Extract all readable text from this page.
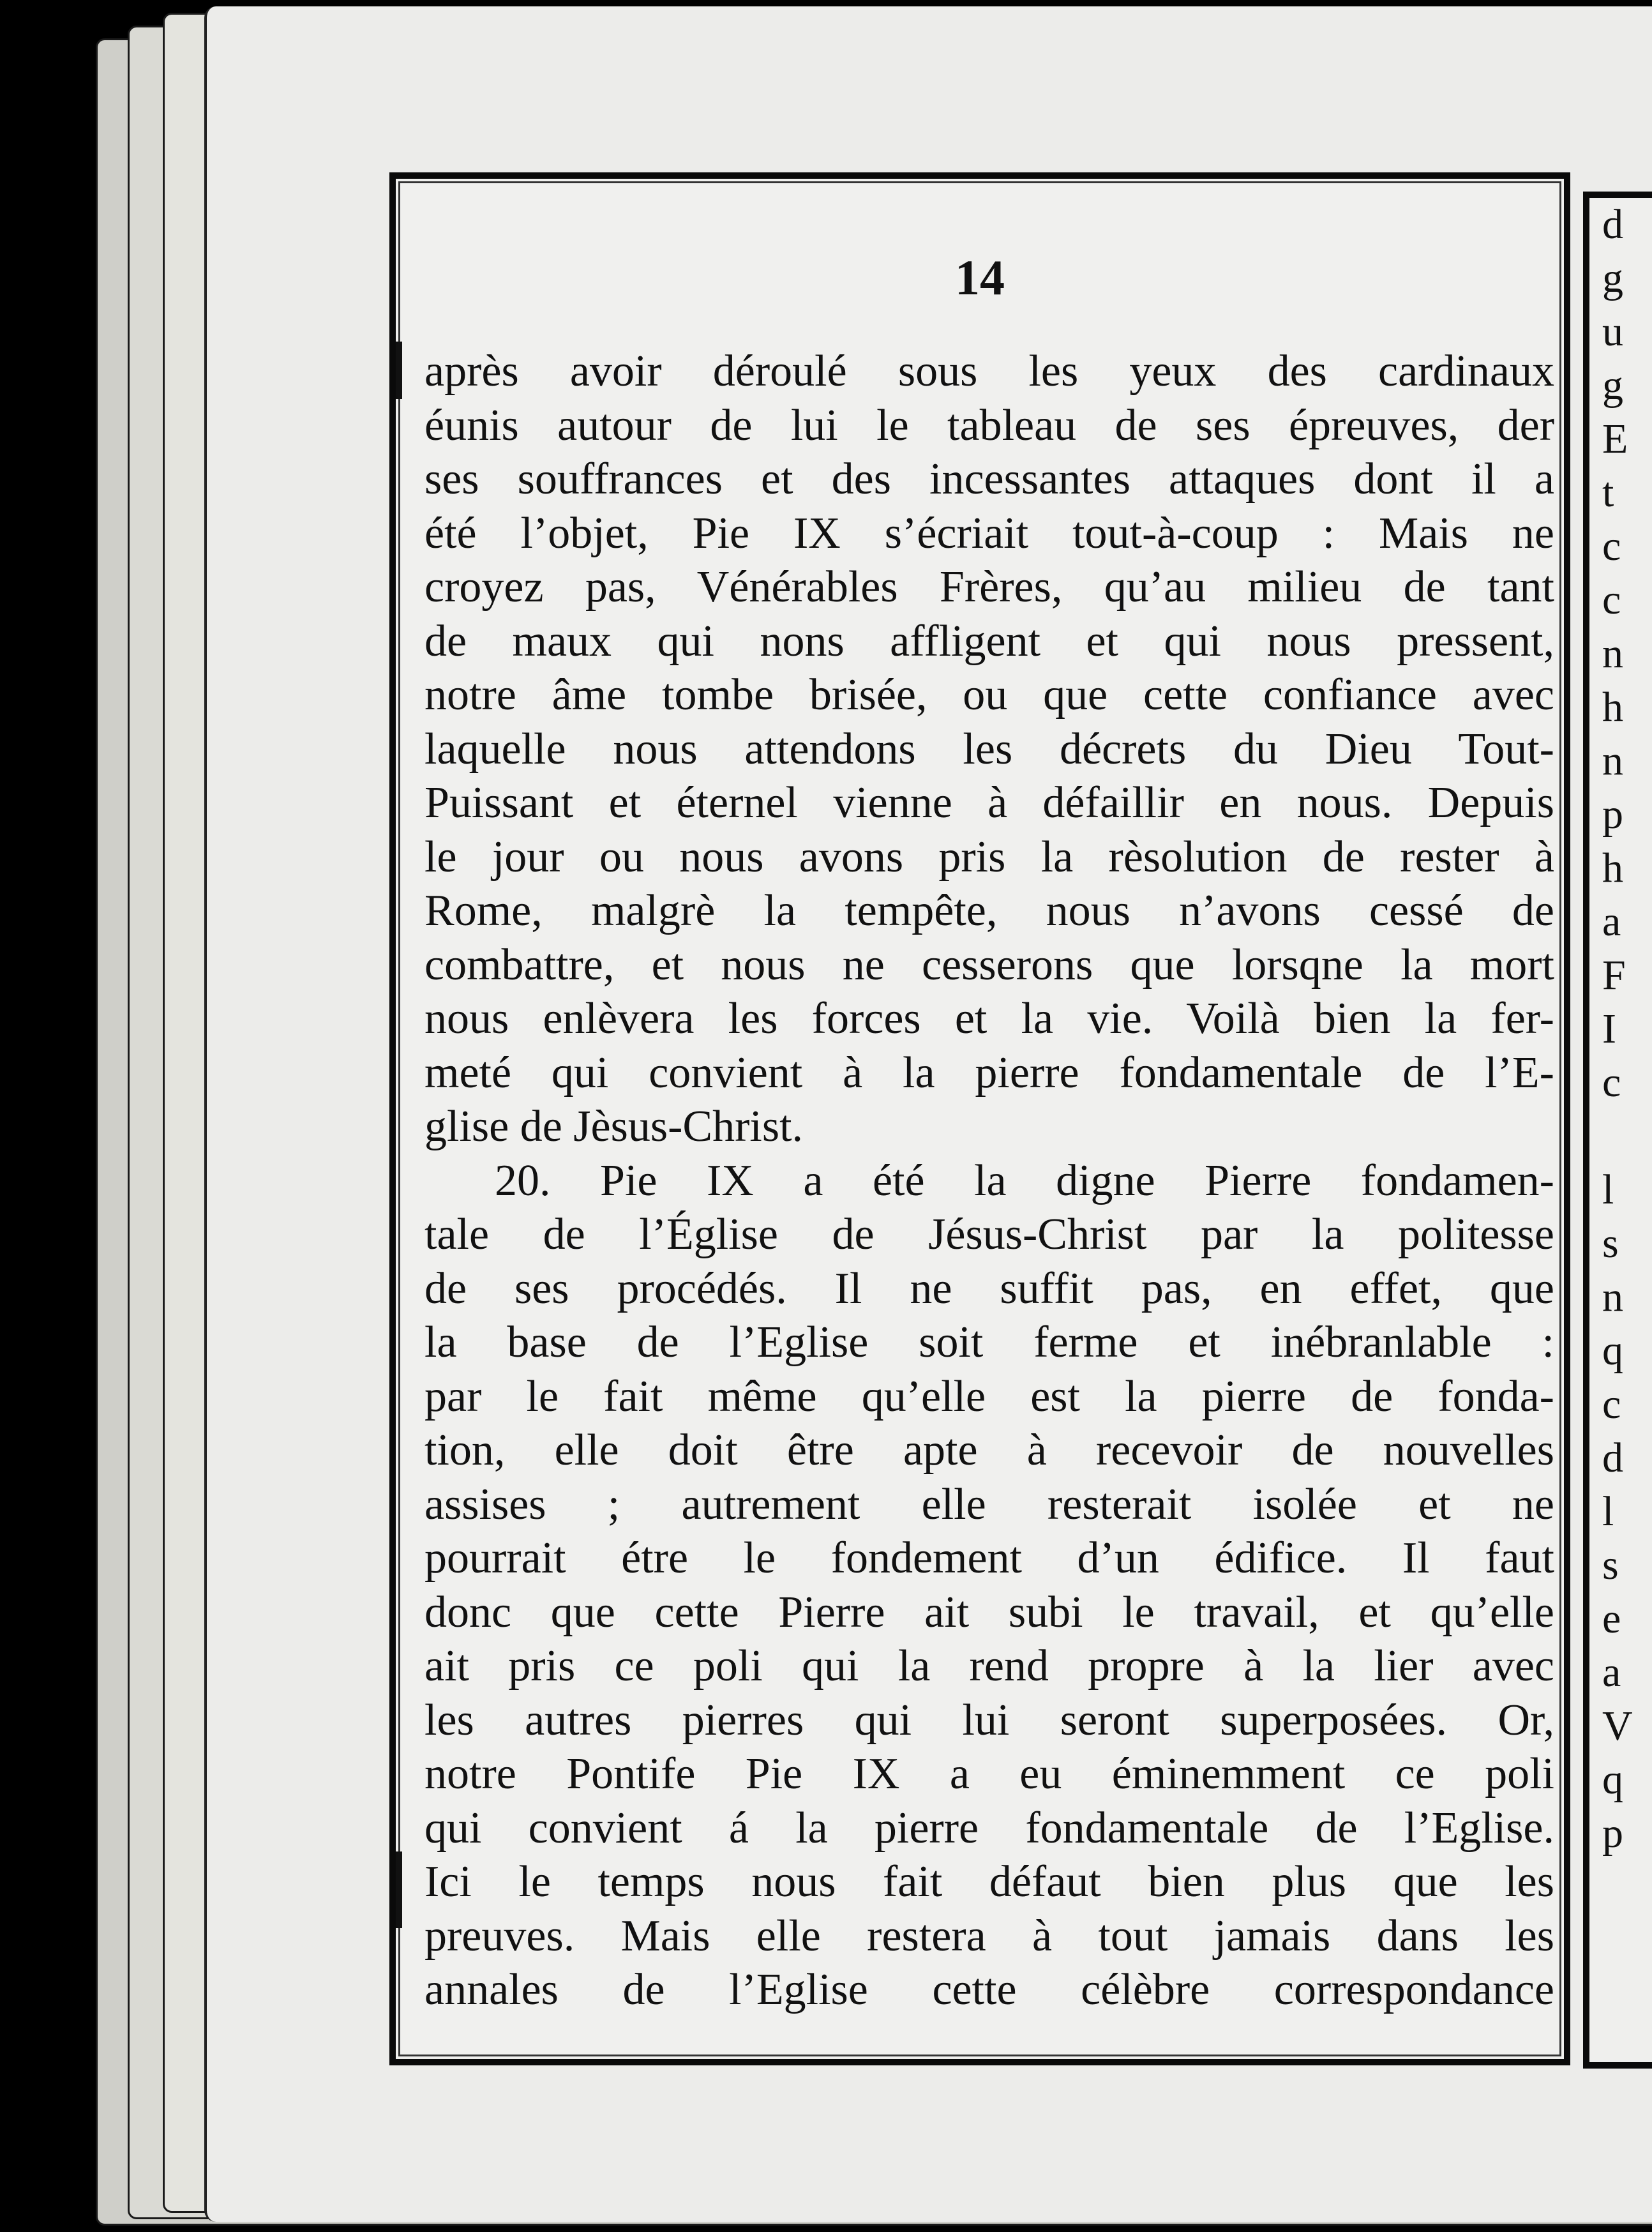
d
g
u
g
E
t
c
c
n
h
n
p
h
a
F
I
c

l
s
n
q
c
d
l
s
e
a
V
q
p
14
après avoir déroulé sous les yeux des cardinaux
éunis autour de lui le tableau de ses épreuves, der
ses souffrances et des incessantes attaques dont il a
été l’objet, Pie IX s’écriait tout-à-coup : Mais ne
croyez pas, Vénérables Frères, qu’au milieu de tant
de maux qui nons affligent et qui nous pressent,
notre âme tombe brisée, ou que cette confiance avec
laquelle nous attendons les décrets du Dieu Tout-
Puissant et éternel vienne à défaillir en nous. Depuis
le jour ou nous avons pris la rèsolution de rester à
Rome, malgrè la tempête, nous n’avons cessé de
combattre, et nous ne cesserons que lorsqne la mort
nous enlèvera les forces et la vie. Voilà bien la fer-
meté qui convient à la pierre fondamentale de l’E-
glise de Jèsus-Christ.
20. Pie IX a été la digne Pierre fondamen-
tale de l’Église de Jésus-Christ par la politesse
de ses procédés. Il ne suffit pas, en effet, que
la base de l’Eglise soit ferme et inébranlable :
par le fait même qu’elle est la pierre de fonda-
tion, elle doit être apte à recevoir de nouvelles
assises ; autrement elle resterait isolée et ne
pourrait étre le fondement d’un édifice. Il faut
donc que cette Pierre ait subi le travail, et qu’elle
ait pris ce poli qui la rend propre à la lier avec
les autres pierres qui lui seront superposées. Or,
notre Pontife Pie IX a eu éminemment ce poli
qui convient á la pierre fondamentale de l’Eglise.
Ici le temps nous fait défaut bien plus que les
preuves. Mais elle restera à tout jamais dans les
annales de l’Eglise cette célèbre correspondance
